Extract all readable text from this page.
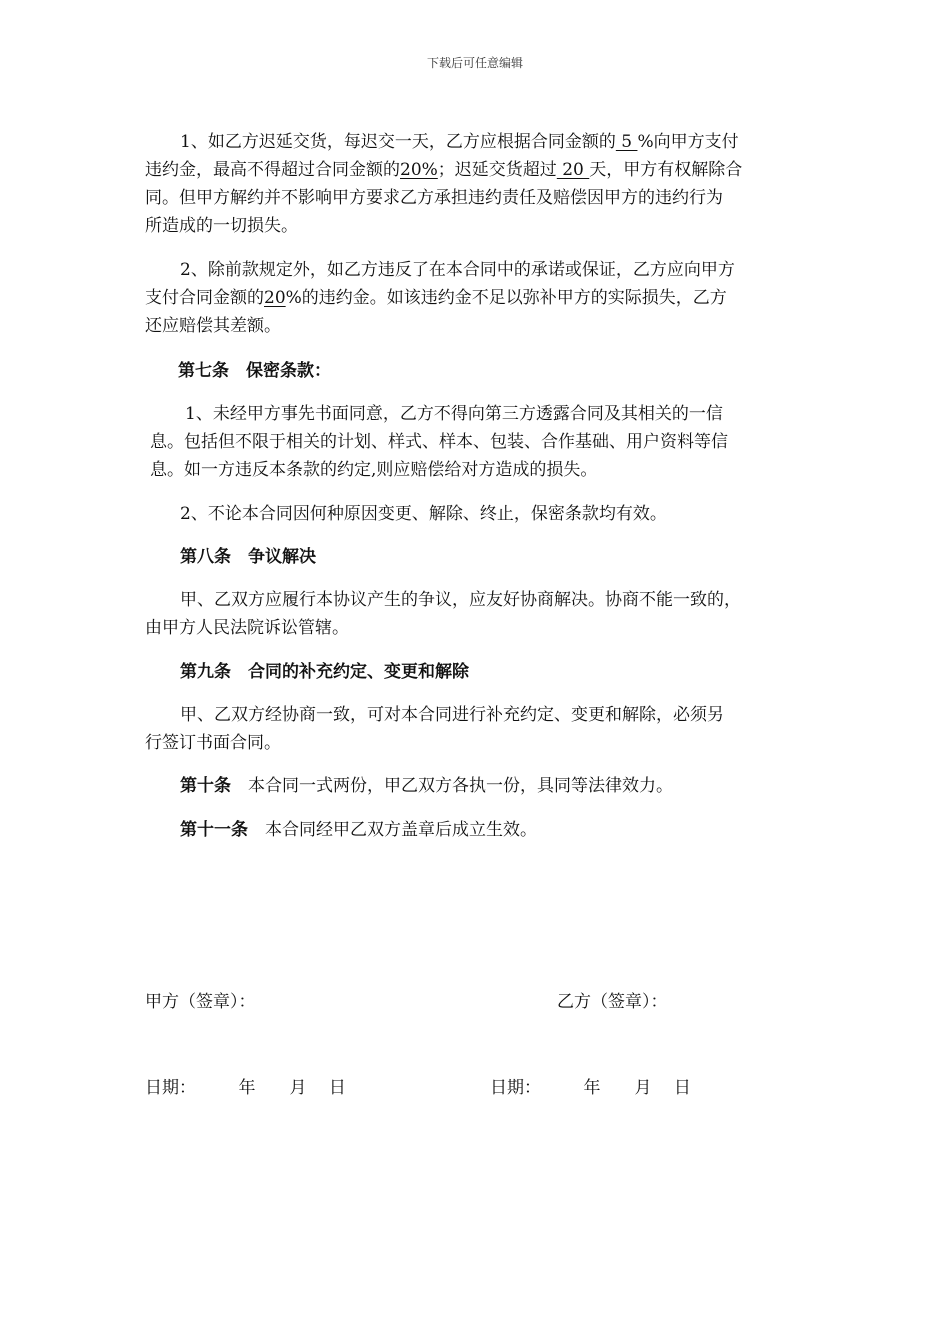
下载后可任意编辑
1、如乙方迟延交货，每迟交一天，乙方应根据合同金额的 5 %向甲方支付
违约金，最高不得超过合同金额的20%；迟延交货超过 20 天，甲方有权解除合
同。但甲方解约并不影响甲方要求乙方承担违约责任及赔偿因甲方的违约行为
所造成的一切损失。
2、除前款规定外，如乙方违反了在本合同中的承诺或保证，乙方应向甲方
支付合同金额的20%的违约金。如该违约金不足以弥补甲方的实际损失，乙方
还应赔偿其差额。
第七条　保密条款：
1、未经甲方事先书面同意，乙方不得向第三方透露合同及其相关的一信
息。包括但不限于相关的计划、样式、样本、包装、合作基础、用户资料等信
息。如一方违反本条款的约定,则应赔偿给对方造成的损失。
2、不论本合同因何种原因变更、解除、终止，保密条款均有效。
第八条　争议解决
甲、乙双方应履行本协议产生的争议，应友好协商解决。协商不能一致的，
由甲方人民法院诉讼管辖。
第九条　合同的补充约定、变更和解除
甲、乙双方经协商一致，可对本合同进行补充约定、变更和解除，必须另
行签订书面合同。
第十条　本合同一式两份，甲乙双方各执一份，具同等法律效力。
第十一条　本合同经甲乙双方盖章后成立生效。
甲方（签章）：	乙方（签章）：
日期：　　　年　　月　 日	日期：　　　年　　月　 日
